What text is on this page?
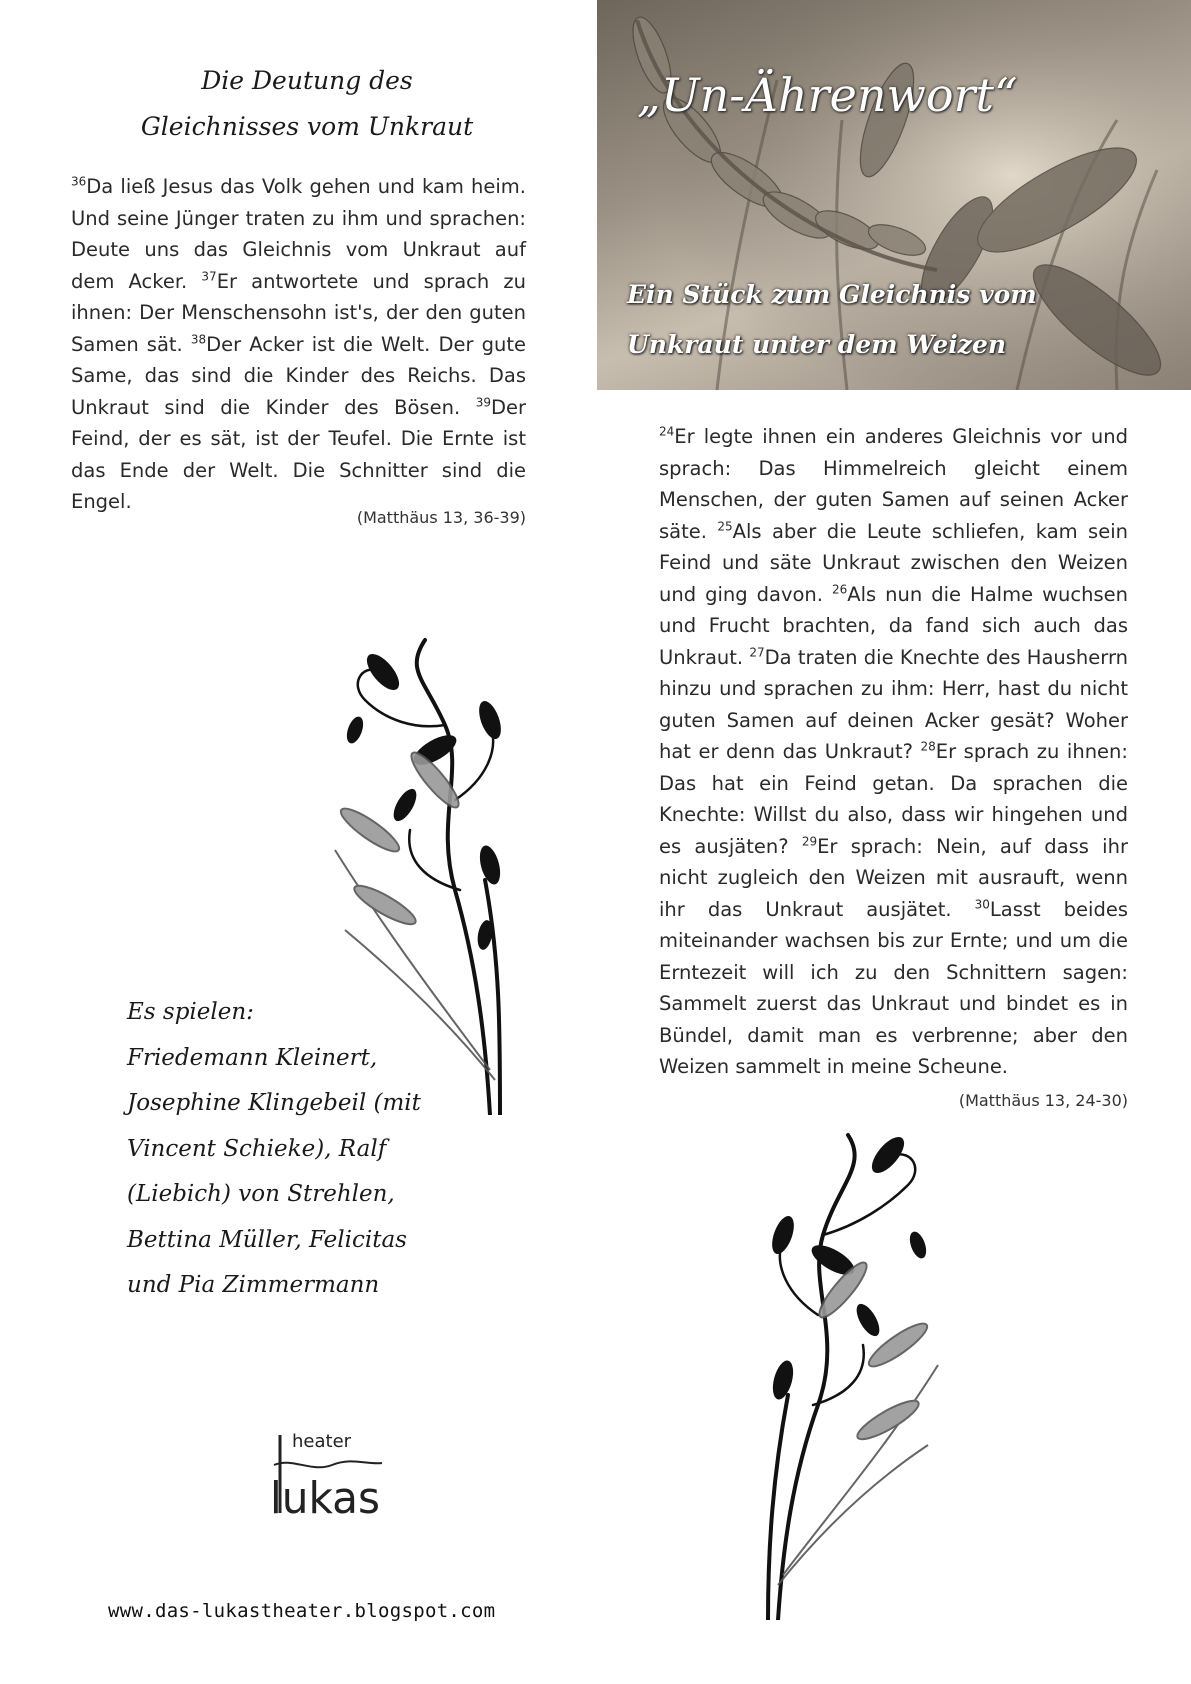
Die Deutung des
Gleichnisses vom Unkraut
$^{36}$Da ließ Jesus das Volk gehen und kam heim. Und seine Jünger traten zu ihm und sprachen: Deute uns das Gleichnis vom Unkraut auf dem Acker. $^{37}$Er antwortete und sprach zu ihnen: Der Menschensohn ist's, der den guten Samen sät. $^{38}$Der Acker ist die Welt. Der gute Same, das sind die Kinder des Reichs. Das Unkraut sind die Kinder des Bösen. $^{39}$Der Feind, der es sät, ist der Teufel. Die Ernte ist das Ende der Welt. Die Schnitter sind die Engel.
(Matthäus 13, 36-39)
„Un-Ährenwort“
Ein Stück zum Gleichnis vom
Unkraut unter dem Weizen
$^{24}$Er legte ihnen ein anderes Gleichnis vor und sprach: Das Himmelreich gleicht einem Menschen, der guten Samen auf seinen Acker säte. $^{25}$Als aber die Leute schliefen, kam sein Feind und säte Unkraut zwischen den Weizen und ging davon. $^{26}$Als nun die Halme wuchsen und Frucht brachten, da fand sich auch das Unkraut. $^{27}$Da traten die Knechte des Hausherrn hinzu und sprachen zu ihm: Herr, hast du nicht guten Samen auf deinen Acker gesät? Woher hat er denn das Unkraut? $^{28}$Er sprach zu ihnen: Das hat ein Feind getan. Da sprachen die Knechte: Willst du also, dass wir hingehen und es ausjäten? $^{29}$Er sprach: Nein, auf dass ihr nicht zugleich den Weizen mit ausrauft, wenn ihr das Unkraut ausjätet. $^{30}$Lasst beides miteinander wachsen bis zur Ernte; und um die Erntezeit will ich zu den Schnittern sagen: Sammelt zuerst das Unkraut und bindet es in Bündel, damit man es verbrenne; aber den Weizen sammelt in meine Scheune.
(Matthäus 13, 24-30)
Es spielen:
Friedemann Kleinert,
Josephine Klingebeil (mit
Vincent Schieke), Ralf
(Liebich) von Strehlen,
Bettina Müller, Felicitas
und Pia Zimmermann
heater
lukas
www.das-lukastheater.blogspot.com
